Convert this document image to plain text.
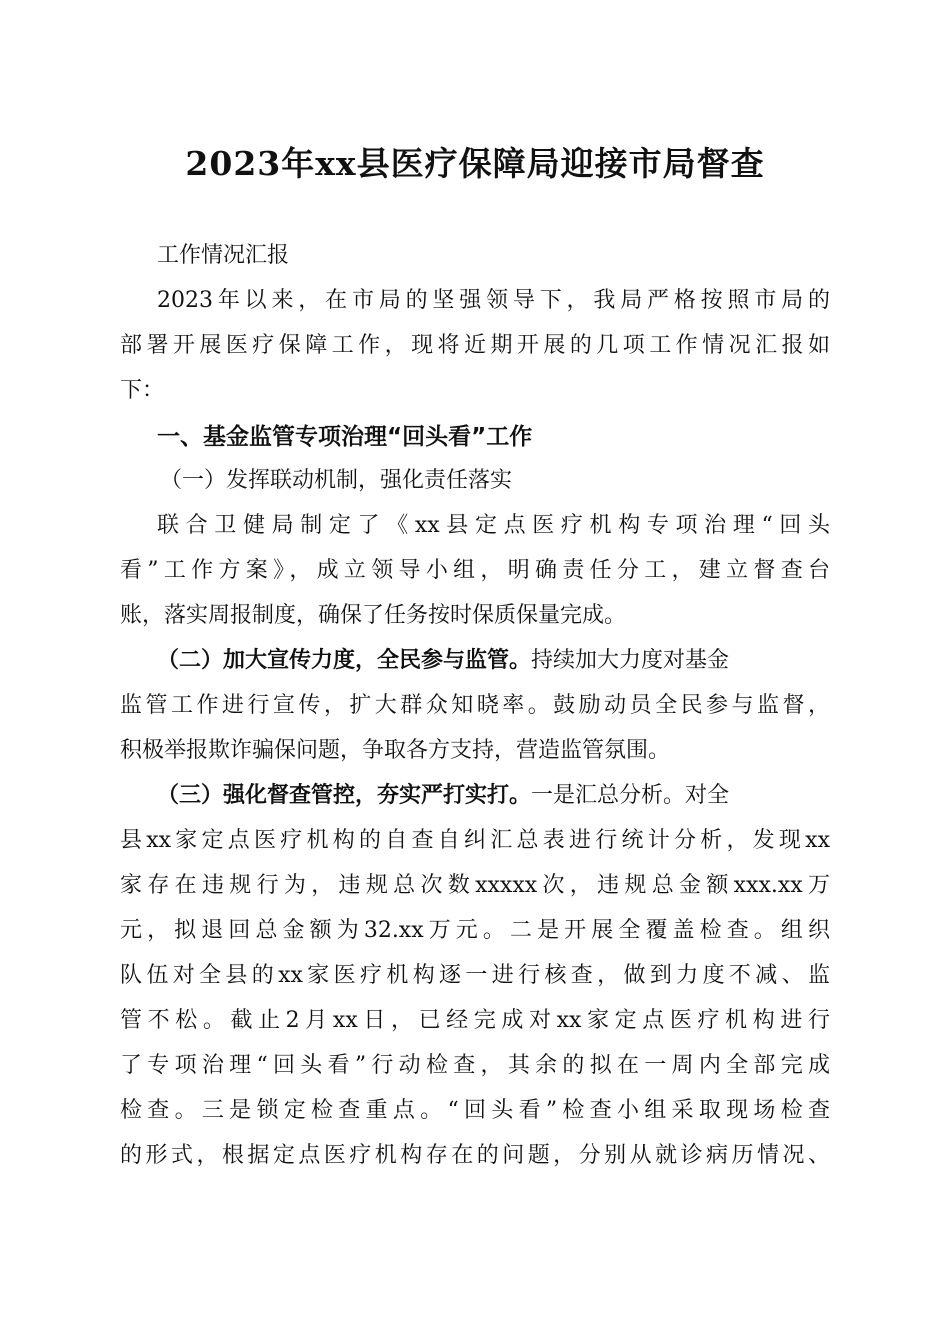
2023年xx县医疗保障局迎接市局督查
工作情况汇报
2023年以来，在市局的坚强领导下，我局严格按照市局的
部署开展医疗保障工作，现将近期开展的几项工作情况汇报如
下：
一、基金监管专项治理“回头看”工作
（一）发挥联动机制，强化责任落实
联合卫健局制定了《xx县定点医疗机构专项治理“回头
看”工作方案》，成立领导小组，明确责任分工，建立督查台
账，落实周报制度，确保了任务按时保质保量完成。
（二）加大宣传力度，全民参与监管。持续加大力度对基金
监管工作进行宣传，扩大群众知晓率。鼓励动员全民参与监督，
积极举报欺诈骗保问题，争取各方支持，营造监管氛围。
（三）强化督查管控，夯实严打实打。一是汇总分析。对全
县xx家定点医疗机构的自查自纠汇总表进行统计分析，发现xx
家存在违规行为，违规总次数xxxxx次，违规总金额xxx.xx万
元，拟退回总金额为32.xx万元。二是开展全覆盖检查。组织
队伍对全县的xx家医疗机构逐一进行核查，做到力度不减、监
管不松。截止2月xx日，已经完成对xx家定点医疗机构进行
了专项治理“回头看”行动检查，其余的拟在一周内全部完成
检查。三是锁定检查重点。“回头看”检查小组采取现场检查
的形式，根据定点医疗机构存在的问题，分别从就诊病历情况、
